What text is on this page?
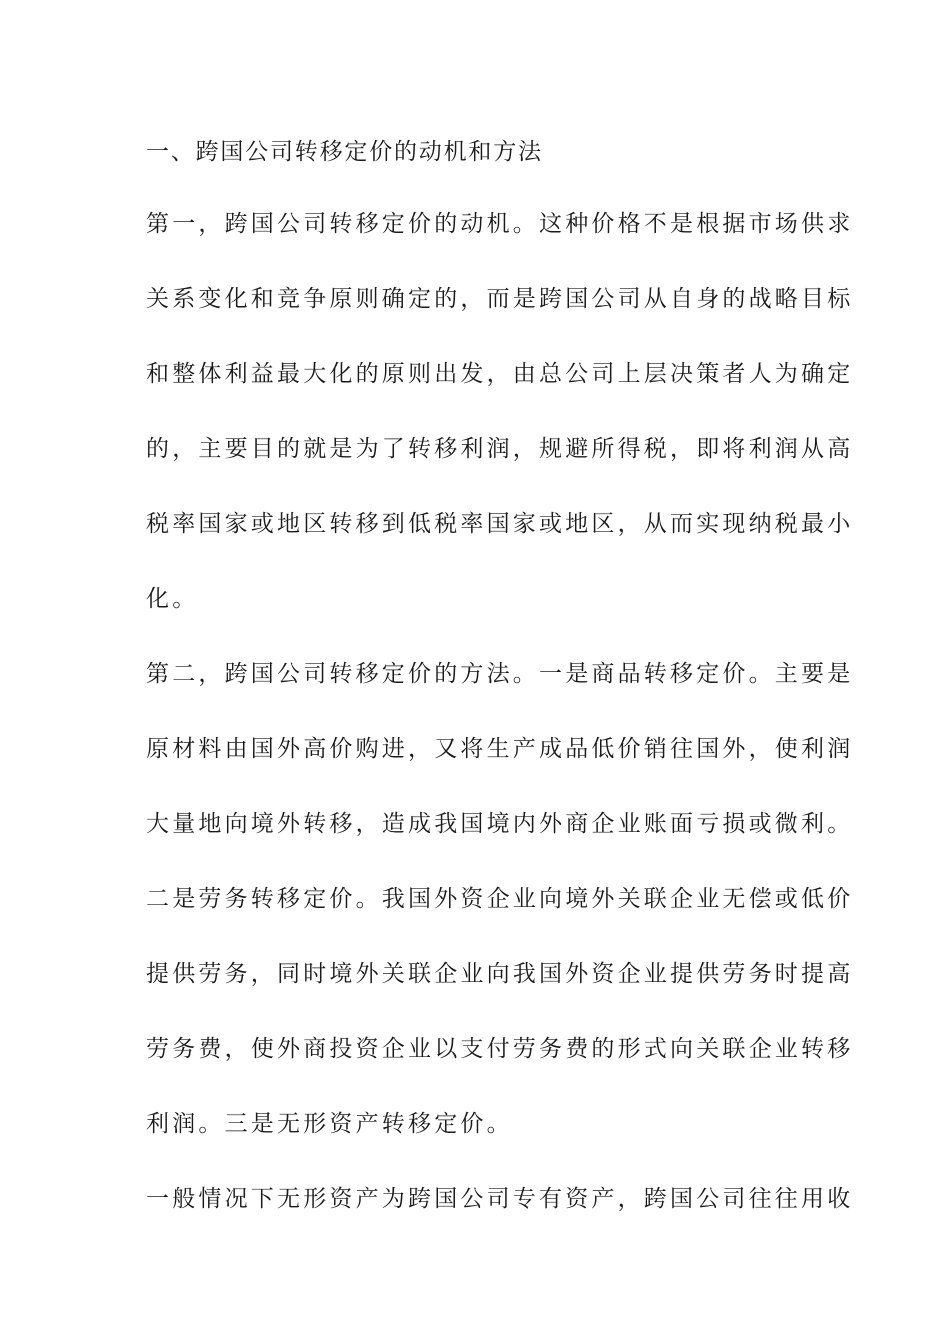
一、跨国公司转移定价的动机和方法
第一，跨国公司转移定价的动机。这种价格不是根据市场供求
关系变化和竞争原则确定的，而是跨国公司从自身的战略目标
和整体利益最大化的原则出发，由总公司上层决策者人为确定
的，主要目的就是为了转移利润，规避所得税，即将利润从高
税率国家或地区转移到低税率国家或地区，从而实现纳税最小
化。
第二，跨国公司转移定价的方法。一是商品转移定价。主要是
原材料由国外高价购进，又将生产成品低价销往国外，使利润
大量地向境外转移，造成我国境内外商企业账面亏损或微利。
二是劳务转移定价。我国外资企业向境外关联企业无偿或低价
提供劳务，同时境外关联企业向我国外资企业提供劳务时提高
劳务费，使外商投资企业以支付劳务费的形式向关联企业转移
利润。三是无形资产转移定价。
一般情况下无形资产为跨国公司专有资产，跨国公司往往用收
